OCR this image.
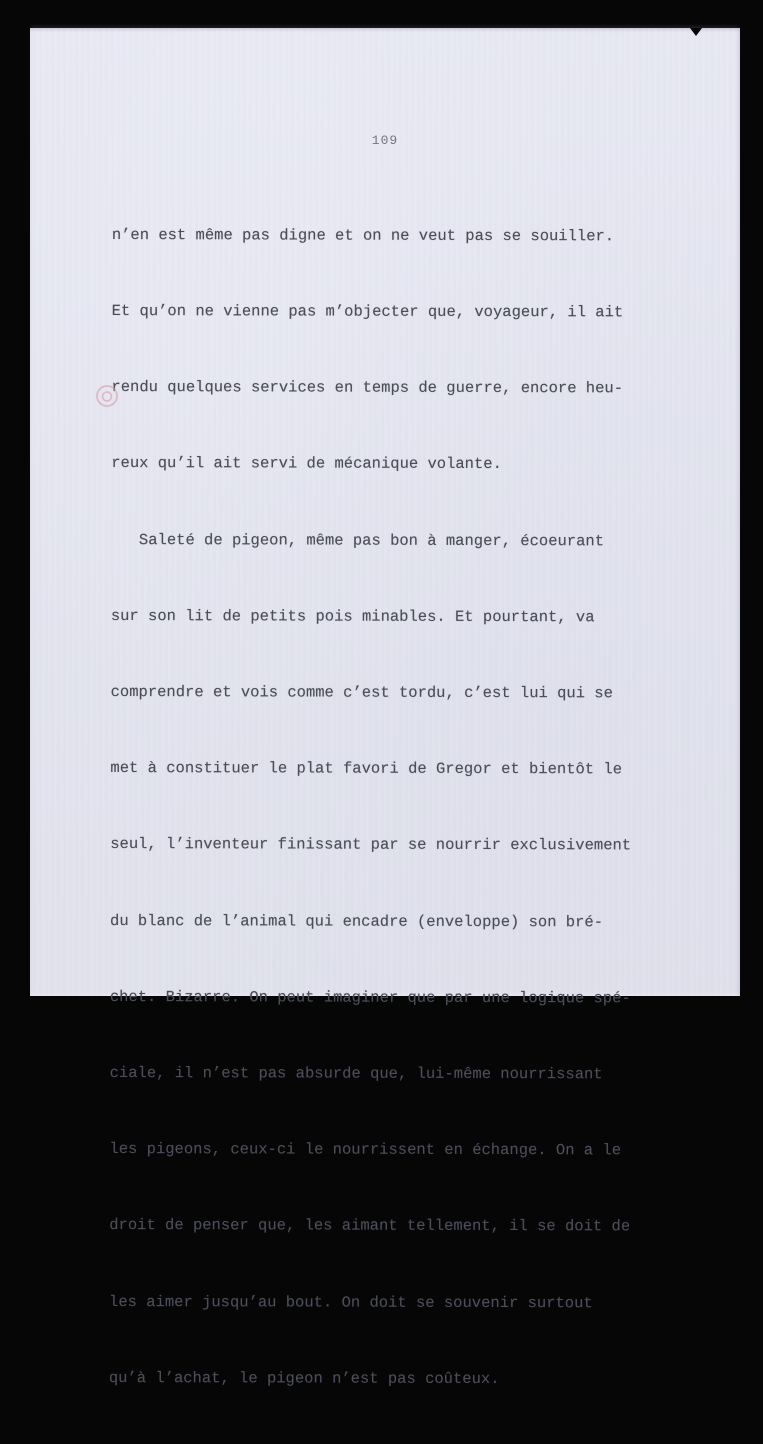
109

n’en est même pas digne et on ne veut pas se souiller.

Et qu’on ne vienne pas m’objecter que, voyageur, il ait

rendu quelques services en temps de guerre, encore heu-

reux qu’il ait servi de mécanique volante.

Saleté de pigeon, même pas bon à manger, écoeurant

sur son lit de petits pois minables. Et pourtant, va

comprendre et vois comme c’est tordu, c’est lui qui se

met à constituer le plat favori de Gregor et bientôt le

seul, l’inventeur finissant par se nourrir exclusivement

du blanc de l’animal qui encadre (enveloppe) son bré-

chet. Bizarre. On peut imaginer que par une logique spé-

ciale, il n’est pas absurde que, lui-même nourrissant

les pigeons, ceux-ci le nourrissent en échange. On a le

droit de penser que, les aimant tellement, il se doit de

les aimer jusqu’au bout. On doit se souvenir surtout

qu’à l’achat, le pigeon n’est pas coûteux.
